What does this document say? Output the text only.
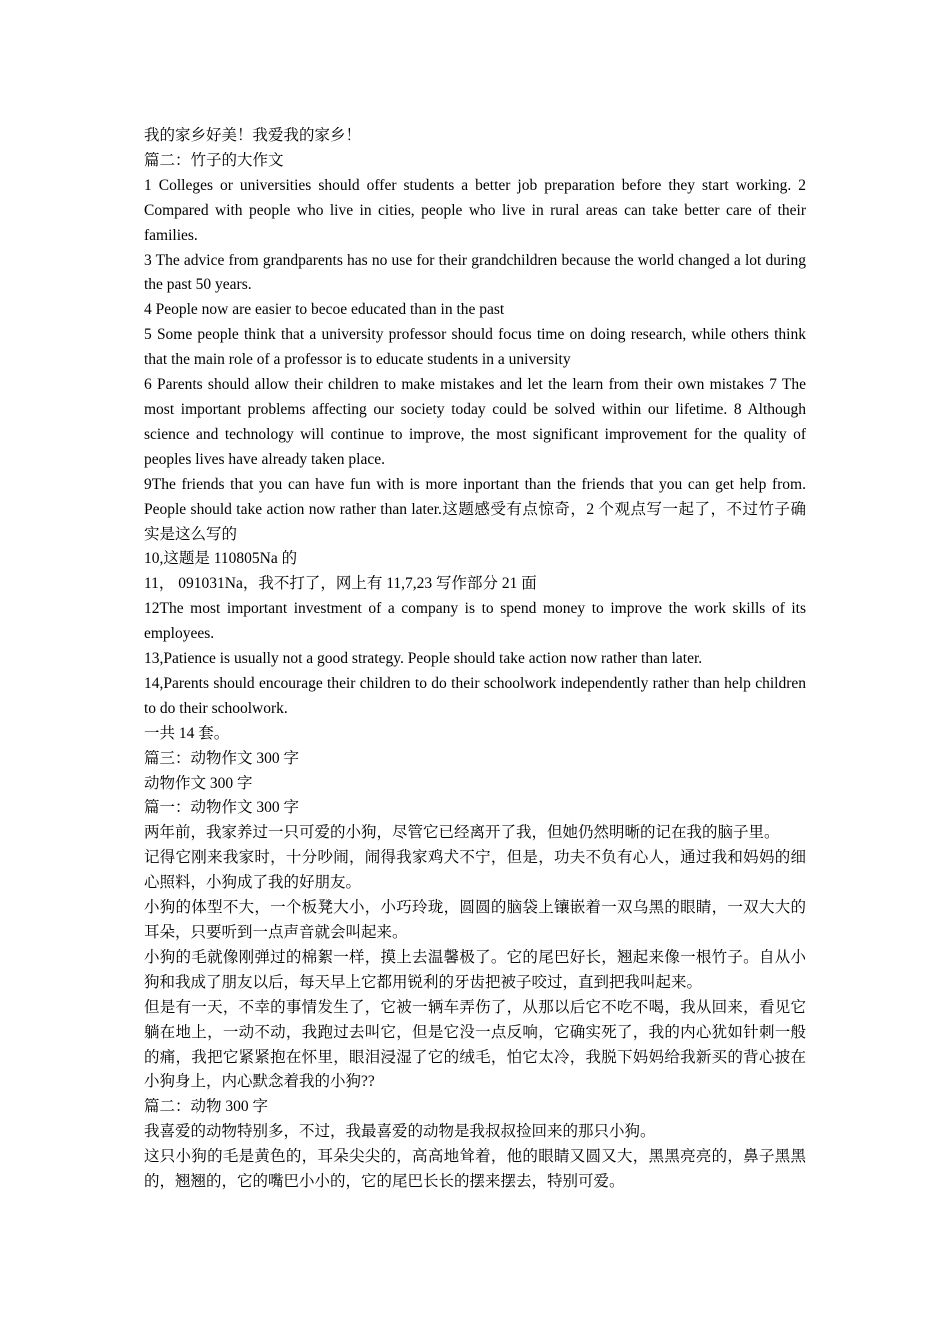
我的家乡好美！我爱我的家乡！

篇二：竹子的大作文

1 Colleges or universities should offer students a better job preparation before they start working. 2 Compared with people who live in cities, people who live in rural areas can take better care of their families.

3 The advice from grandparents has no use for their grandchildren because the world changed a lot during the past 50 years.

4 People now are easier to becoe educated than in the past

5 Some people think that a university professor should focus time on doing research, while others think that the main role of a professor is to educate students in a university

6 Parents should allow their children to make mistakes and let the learn from their own mistakes 7 The most important problems affecting our society today could be solved within our lifetime. 8 Although science and technology will continue to improve, the most significant improvement for the quality of peoples lives have already taken place.

9The friends that you can have fun with is more inportant than the friends that you can get help from. People should take action now rather than later.这题感受有点惊奇，2 个观点写一起了，不过竹子确实是这么写的

10,这题是 110805Na 的

11， 091031Na，我不打了，网上有 11,7,23 写作部分 21 面

12The most important investment of a company is to spend money to improve the work skills of its employees.

13,Patience is usually not a good strategy. People should take action now rather than later.

14,Parents should encourage their children to do their schoolwork independently rather than help children to do their schoolwork.

一共 14 套。

篇三：动物作文 300 字

动物作文 300 字

篇一：动物作文 300 字

两年前，我家养过一只可爱的小狗，尽管它已经离开了我，但她仍然明晰的记在我的脑子里。

记得它刚来我家时，十分吵闹，闹得我家鸡犬不宁，但是，功夫不负有心人，通过我和妈妈的细心照料，小狗成了我的好朋友。

小狗的体型不大，一个板凳大小，小巧玲珑，圆圆的脑袋上镶嵌着一双乌黑的眼睛，一双大大的耳朵，只要听到一点声音就会叫起来。

小狗的毛就像刚弹过的棉絮一样，摸上去温馨极了。它的尾巴好长，翘起来像一根竹子。自从小狗和我成了朋友以后，每天早上它都用锐利的牙齿把被子咬过，直到把我叫起来。

但是有一天，不幸的事情发生了，它被一辆车弄伤了，从那以后它不吃不喝，我从回来，看见它躺在地上，一动不动，我跑过去叫它，但是它没一点反响，它确实死了，我的内心犹如针刺一般的痛，我把它紧紧抱在怀里，眼泪浸湿了它的绒毛，怕它太冷，我脱下妈妈给我新买的背心披在小狗身上，内心默念着我的小狗??

篇二：动物 300 字

我喜爱的动物特别多，不过，我最喜爱的动物是我叔叔捡回来的那只小狗。

这只小狗的毛是黄色的，耳朵尖尖的，高高地耸着，他的眼睛又圆又大，黑黑亮亮的，鼻子黑黑的，翘翘的，它的嘴巴小小的，它的尾巴长长的摆来摆去，特别可爱。
